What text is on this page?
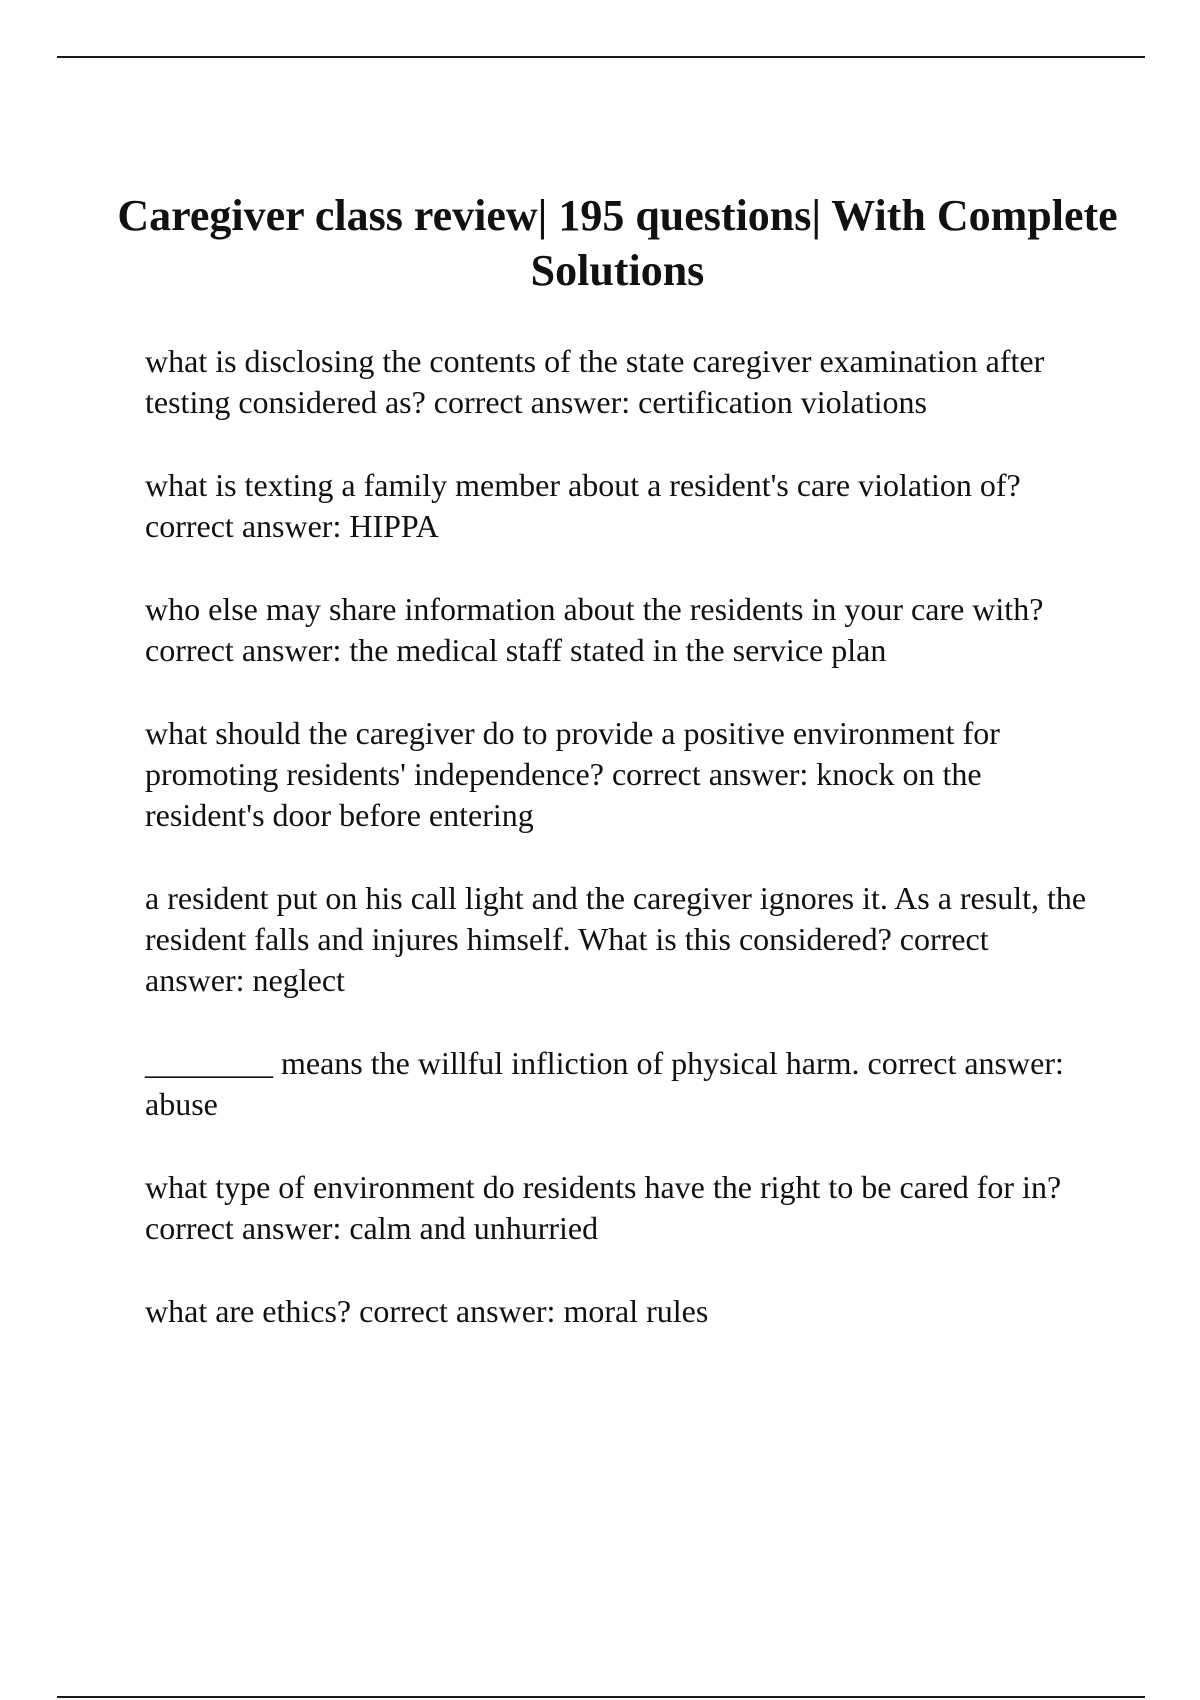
Caregiver class review| 195 questions| With Complete Solutions

what is disclosing the contents of the state caregiver examination after testing considered as? correct answer: certification violations

what is texting a family member about a resident's care violation of? correct answer: HIPPA

who else may share information about the residents in your care with? correct answer: the medical staff stated in the service plan

what should the caregiver do to provide a positive environment for promoting residents' independence? correct answer: knock on the resident's door before entering

a resident put on his call light and the caregiver ignores it. As a result, the resident falls and injures himself. What is this considered? correct answer: neglect

________ means the willful infliction of physical harm. correct answer: abuse

what type of environment do residents have the right to be cared for in? correct answer: calm and unhurried

what are ethics? correct answer: moral rules
